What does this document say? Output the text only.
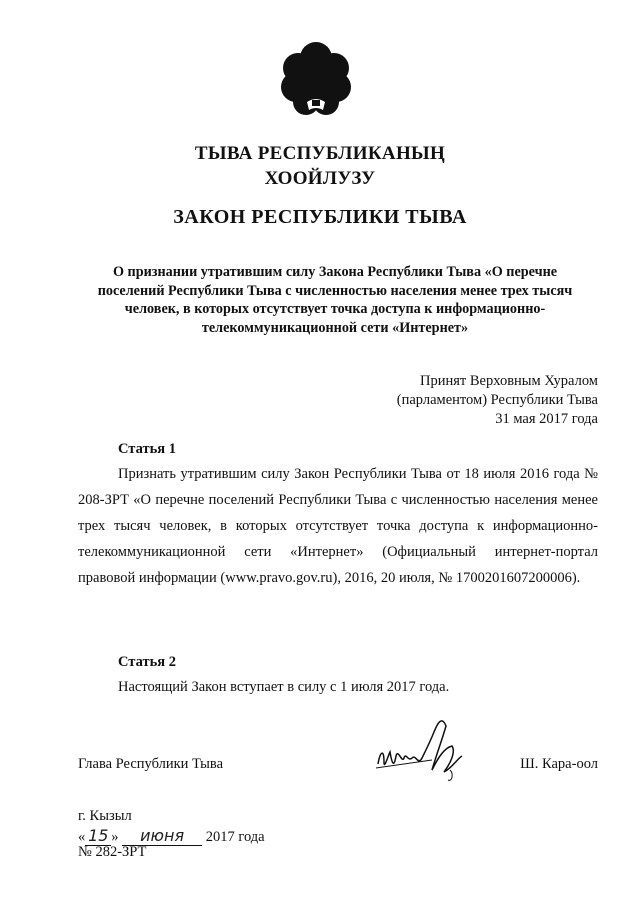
ТЫВА РЕСПУБЛИКАНЫҢ
ХООЙЛУЗУ
ЗАКОН РЕСПУБЛИКИ ТЫВА
О признании утратившим силу Закона Республики Тыва «О перечне
поселений Республики Тыва с численностью населения менее трех тысяч
человек, в которых отсутствует точка доступа к информационно-
телекоммуникационной сети «Интернет»
Принят Верховным Хуралом
(парламентом) Республики Тыва
31 мая 2017 года
Статья 1
Признать утратившим силу Закон Республики Тыва от 18 июля 2016 года № 208-ЗРТ «О перечне поселений Республики Тыва с численностью населения менее трех тысяч человек, в которых отсутствует точка доступа к информационно-телекоммуникационной сети «Интернет» (Официальный интернет-портал правовой информации (www.pravo.gov.ru), 2016, 20 июля, № 1700201607200006).
Статья 2
Настоящий Закон вступает в силу с 1 июля 2017 года.
Глава Республики Тыва	Ш. Кара-оол
г. Кызыл
« 15 » июня 2017 года
№ 282-ЗРТ
